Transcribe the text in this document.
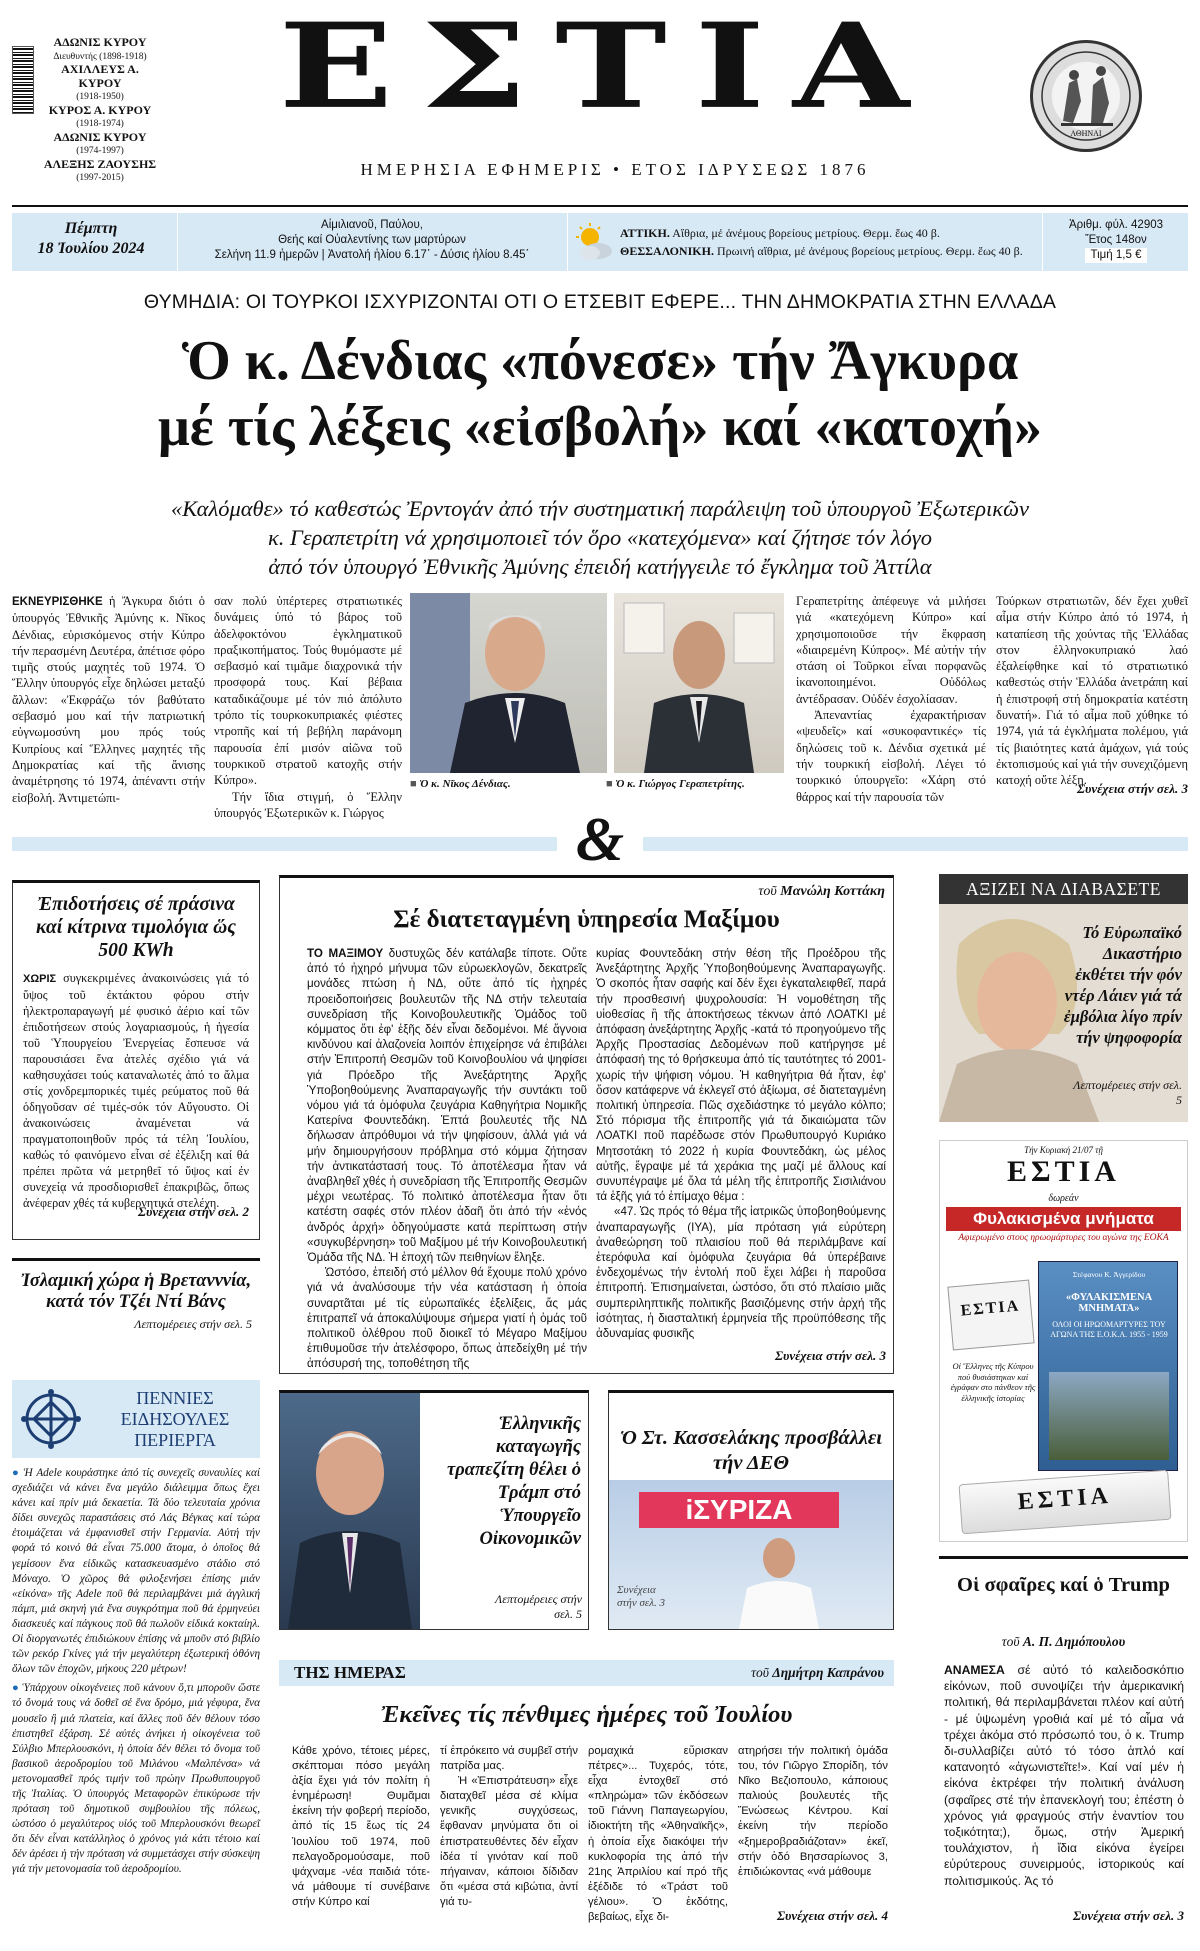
ΑΔΩΝΙΣ ΚΥΡΟΥ
Διευθυντής (1898-1918)
ΑΧΙΛΛΕΥΣ Α. ΚΥΡΟΥ
(1918-1950)
ΚΥΡΟΣ Α. ΚΥΡΟΥ
(1918-1974)
ΑΔΩΝΙΣ ΚΥΡΟΥ
(1974-1997)
ΑΛΕΞΗΣ ΖΑΟΥΣΗΣ
(1997-2015)
ΕΣΤΙΑ
ΗΜΕΡΗΣΙΑ ΕΦΗΜΕΡΙΣ • ΕΤΟΣ ΙΔΡΥΣΕΩΣ 1876
ΑΘΗΝΑΙ
Πέμπτη
18 Ἰουλίου 2024
Αἰμιλιανοῦ, Παύλου,
Θεής καί Οὐαλεντίνης των μαρτύρων
Σελήνη 11.9 ἡμερῶν | Ἀνατολή ἡλίου 6.17΄ - Δύσις ἡλίου 8.45΄
ΑΤΤΙΚΗ. Αἴθρια, μέ ἀνέμους βορείους μετρίους. Θερμ. ἕως 40 β.
ΘΕΣΣΑΛΟΝΙΚΗ. Πρωινή αἴθρια, μέ ἀνέμους βορείους μετρίους. Θερμ. ἕως 40 β.
Ἀριθμ. φύλ. 42903
Ἔτος 148ον
Τιμή 1,5 €
ΘΥΜΗΔΙΑ: ΟΙ ΤΟΥΡΚΟΙ ΙΣΧΥΡΙΖΟΝΤΑΙ ΟΤΙ Ο ΕΤΣΕΒΙΤ ΕΦΕΡΕ... ΤΗΝ ΔΗΜΟΚΡΑΤΙΑ ΣΤΗΝ ΕΛΛΑΔΑ
Ὁ κ. Δένδιας «πόνεσε» τήν Ἄγκυρα
μέ τίς λέξεις «εἰσβολή» καί «κατοχή»
«Καλόμαθε» τό καθεστώς Ἐρντογάν ἀπό τήν συστηματική παράλειψη τοῦ ὑπουργοῦ Ἐξωτερικῶν
κ. Γεραπετρίτη νά χρησιμοποιεῖ τόν ὅρο «κατεχόμενα» καί ζήτησε τόν λόγο
ἀπό τόν ὑπουργό Ἐθνικῆς Ἀμύνης ἐπειδή κατήγγειλε τό ἔγκλημα τοῦ Ἀττίλα
ΕΚΝΕΥΡΙΣΘΗΚΕ ἡ Ἄγκυρα διότι ὁ ὑπουργός Ἐθνικῆς Ἀμύνης κ. Νῖκος Δένδιας, εὑρισκόμενος στήν Κύπρο τήν περασμένη Δευτέρα, ἀπέτισε φόρο τιμῆς στούς μαχητές τοῦ 1974. Ὁ Ἕλλην ὑπουργός εἶχε δηλώσει μεταξύ ἄλλων: «Ἐκφράζω τόν βαθύτατο σεβασμό μου καί τήν πατριωτική εὐγνωμοσύνη μου πρός τούς Κυπρίους καί Ἕλληνες μαχητές τῆς Δημοκρατίας καί τῆς ἄνισης ἀναμέτρησης τό 1974, ἀπέναντι στήν εἰσβολή. Ἀντιμετώπι-
σαν πολύ ὑπέρτερες στρατιωτικές δυνάμεις ὑπό τό βάρος τοῦ ἀδελφοκτόνου ἐγκληματικοῦ πραξικοπήματος. Τούς θυμόμαστε μέ σεβασμό καί τιμᾶμε διαχρονικά τήν προσφορά τους. Καί βέβαια καταδικάζουμε μέ τόν πιό ἀπόλυτο τρόπο τίς τουρκοκυπριακές φιέστες ντροπῆς καί τή βεβήλη παράνομη παρουσία ἐπί μισόν αἰῶνα τοῦ τουρκικοῦ στρατοῦ κατοχῆς στήν Κύπρο».
Τήν ἴδια στιγμή, ὁ Ἕλλην ὑπουργός Ἐξωτερικῶν κ. Γιώργος
■ Ὁ κ. Νῖκος Δένδιας.
■	Ὁ κ. Γιώργος Γεραπετρίτης.
Γεραπετρίτης ἀπέφευγε νά μιλήσει γιά «κατεχόμενη Κύπρο» καί χρησιμοποιοῦσε τήν ἔκφραση «διαιρεμένη Κύπρος». Μέ αὐτήν τήν στάση οἱ Τοῦρκοι εἶναι πορφανῶς ἱκανοποιημένοι. Οὐδόλως ἀντέδρασαν. Οὐδέν ἐσχολίασαν.
Ἀπεναντίας ἐχαρακτήρισαν «ψευδεῖς» καί «συκοφαντικές» τίς δηλώσεις τοῦ κ. Δένδια σχετικά μέ τήν τουρκική εἰσβολή. Λέγει τό τουρκικό ὑπουργεῖο: «Χάρη στό θάρρος καί τήν παρουσία τῶν
Τούρκων στρατιωτῶν, δέν ἔχει χυθεῖ αἷμα στήν Κύπρο ἀπό τό 1974, ἡ καταπίεση τῆς χούντας τῆς Ἑλλάδας στον ἑλληνοκυπριακό λαό ἐξαλείφθηκε καί τό στρατιωτικό καθεστώς στήν Ἑλλάδα ἀνετράπη καί ἡ ἐπιστροφή στή δημοκρατία κατέστη δυνατή». Γιά τό αἷμα ποῦ χύθηκε τό 1974, γιά τά ἐγκλήματα πολέμου, γιά τίς βιαιότητες κατά ἀμάχων, γιά τούς ἐκτοπισμούς καί γιά τήν συνεχιζόμενη κατοχή οὔτε λέξη.
Συνέχεια στήν σελ. 3
&
Ἐπιδοτήσεις σέ πράσινα καί κίτρινα τιμολόγια ὥς 500 KWh
ΧΩΡΙΣ συγκεκριμένες ἀνακοινώσεις γιά τό ὕψος τοῦ ἐκτάκτου φόρου στήν ἠλεκτροπαραγωγή μέ φυσικό ἀέριο καί τῶν ἐπιδοτήσεων στούς λογαριασμούς, ἡ ἡγεσία τοῦ Ὑπουργείου Ἐνεργείας ἔσπευσε νά παρουσιάσει ἕνα ἀτελές σχέδιο γιά νά καθησυχάσει τούς καταναλωτές ἀπό το ἄλμα στίς χονδρεμπορικές τιμές ρεύματος ποῦ θά ὁδηγοῦσαν σέ τιμές-σόκ τόν Αὔγουστο. Οἱ ἀνακοινώσεις ἀναμένεται νά πραγματοποιηθοῦν πρός τά τέλη Ἰουλίου, καθώς τό φαινόμενο εἶναι σέ ἐξέλιξη καί θά πρέπει πρῶτα νά μετρηθεῖ τό ὕψος καί ἐν συνεχείᾳ νά προσδιορισθεῖ ἐπακριβῶς, ὅπως ἀνέφεραν χθές τά κυβερνητικά στελέχη.
Συνέχεια στήν σελ. 2
Ἰσλαμική χώρα ἡ Βρετανννία, κατά τόν Τζέι Ντί Βάνς
Λεπτομέρειες στήν σελ. 5
ΠΕΝΝΙΕΣ ΕΙΔΗΣΟΥΛΕΣ ΠΕΡΙΕΡΓΑ

● Ἡ Adele κουράστηκε ἀπό τίς συνεχεῖς συναυλίες καί σχεδιάζει νά κάνει ἕνα μεγάλο διάλειμμα ὅπως ἔχει κάνει καί πρίν μιά δεκαετία. Τά δύο τελευταία χρόνια δίδει συνεχῶς παραστάσεις στό Λάς Βέγκας καί τώρα ἑτοιμάζεται νά ἐμφανισθεῖ στήν Γερμανία. Αὐτή τήν φορά τό κοινό θά εἶναι 75.000 ἄτομα, ὁ ὁποῖος θά γεμίσουν ἕνα εἰδικῶς κατασκευασμένο στάδιο στό Μόναχο. Ὁ χῶρος θά φιλοξενήσει ἐπίσης μιάν «εἰκόνα» τῆς Adele ποῦ θά περιλαμβάνει μιά ἀγγλική πάμπ, μιά σκηνή γιά ἕνα συγκρότημα ποῦ θά ἐρμηνεύει διασκευές καί πάγκους ποῦ θά πωλοῦν εἰδικά κοκταίηλ. Οἱ διοργανωτές ἐπιδιώκουν ἐπίσης νά μποῦν στό βιβλίο τῶν ρεκόρ Γκίνες γιά τήν μεγαλύτερη ἐξωτερική ὀθόνη ὅλων τῶν ἐποχῶν, μήκους 220 μέτρων!

● Ὑπάρχουν οἰκογένειες ποῦ κάνουν ὅ,τι μποροῦν ὥστε τό ὄνομά τους νά δοθεῖ σέ ἕνα δρόμο, μιά γέφυρα, ἕνα μουσεῖο ἢ μιά πλατεία, καί ἄλλες ποῦ δέν θέλουν τόσο ἐπιστηθεῖ ἐξάρση. Σέ αὐτές ἀνήκει ἡ οἰκογένεια τοῦ Σύλβιο Μπερλουσκόνι, ἡ ὁποία δέν θέλει τό ὄνομα τοῦ βασικοῦ ἀεροδρομίου τοῦ Μιλάνου «Μαλπένσα» νά μετονομασθεῖ πρός τιμήν τοῦ πρώην Πρωθυπουργοῦ τῆς Ἰταλίας. Ὁ ὑπουργός Μεταφορῶν ἐπικύρωσε τήν πρόταση τοῦ δημοτικοῦ συμβουλίου τῆς πόλεως, ὡστόσο ὁ μεγαλύτερος υἱός τοῦ Μπερλουσκόνι θεωρεῖ ὅτι δέν εἶναι κατάλληλος ὁ χρόνος γιά κάτι τέτοιο καί δέν ἀρέσει ἡ τήν πρόταση νά συμμετάσχει στήν σύσκεψη γιά τήν μετονομασία τοῦ ἀεροδρομίου.

τοῦ Μανώλη Κοττάκη
Σέ διατεταγμένη ὑπηρεσία Μαξίμου
ΤΟ ΜΑΞΙΜΟΥ δυστυχῶς δέν κατάλαβε τίποτε. Οὔτε ἀπό τό ἠχηρό μήνυμα τῶν εὐρωεκλογῶν, δεκατρεῖς μονάδες πτώση ἡ ΝΔ, οὔτε ἀπό τίς ἠχηρές προειδοποιήσεις βουλευτῶν τῆς ΝΔ στήν τελευταία συνεδρίαση τῆς Κοινοβουλευτικῆς Ὁμάδος τοῦ κόμματος ὅτι ἐφ' ἑξῆς δέν εἶναι δεδομένοι. Μέ ἄγνοια κινδύνου καί ἀλαζονεία λοιπόν ἐπιχείρησε νά ἐπιβάλει στήν Ἐπιτροπή Θεσμῶν τοῦ Κοινοβουλίου νά ψηφίσει γιά Πρόεδρο τῆς Ἀνεξάρτητης Ἀρχῆς Ὑποβοηθούμενης Ἀναπαραγωγῆς τήν συντάκτι τοῦ νόμου γιά τά ὁμόφυλα ζευγάρια Καθηγήτρια Νομικῆς Κατερίνα Φουντεδάκη. Ἑπτά βουλευτές τῆς ΝΔ δήλωσαν ἀπρόθυμοι νά τήν ψηφίσουν, ἀλλά γιά νά μήν δημιουργήσουν πρόβλημα στό κόμμα ζήτησαν τήν ἀντικατάστασή τους. Τό ἀποτέλεσμα ἦταν νά ἀναβληθεῖ χθές ἡ συνεδρίαση τῆς Ἐπιτροπῆς Θεσμῶν μέχρι νεωτέρας. Τό πολιτικό ἀποτέλεσμα ἦταν ὅτι κατέστη σαφές στόν πλέον ἀδαῆ ὅτι ἀπό τήν «ἑνός ἀνδρός ἀρχή» ὁδηγούμαστε κατά περίπτωση στήν «συγκυβέρνηση» τοῦ Μαξίμου μέ τήν Κοινοβουλευτική Ὁμάδα τῆς ΝΔ. Ἡ ἐποχή τῶν πειθηνίων ἔληξε.
Ὡστόσο, ἐπειδή στό μέλλον θά ἔχουμε πολύ χρόνο γιά νά ἀναλύσουμε τήν νέα κατάσταση ἡ ὁποία συναρτᾶται μέ τίς εὐρωπαϊκές ἐξελίξεις, ἄς μάς ἐπιτραπεῖ νά ἀποκαλύψουμε σήμερα γιατί ἡ ὁμάς τοῦ πολιτικοῦ ὀλέθρου ποῦ διοικεῖ τό Μέγαρο Μαξίμου ἐπιθυμοῦσε τήν ἀτελέσφορο, ὅπως ἀπεδείχθη μέ τήν ἀπόσυρσή της, τοποθέτηση τῆς
κυρίας Φουντεδάκη στήν θέση τῆς Προέδρου τῆς Ἀνεξάρτητης Ἀρχῆς Ὑποβοηθούμενης Ἀναπαραγωγῆς. Ὁ σκοπός ἦταν σαφής καί δέν ἔχει ἐγκαταλειφθεῖ, παρά τήν προσθεσινή ψυχρολουσία: Ἡ νομοθέτηση τῆς υἱοθεσίας ἢ τῆς ἀποκτήσεως τέκνων ἀπό ΛΟΑΤΚΙ μέ ἀπόφαση ἀνεξάρτητης Ἀρχῆς -κατά τό προηγούμενο τῆς Ἀρχῆς Προστασίας Δεδομένων ποῦ κατήργησε μέ ἀπόφασή της τό θρήσκευμα ἀπό τίς ταυτότητες τό 2001- χωρίς τήν ψήφιση νόμου. Ἡ καθηγήτρια θά ἦταν, ἐφ' ὅσον κατάφερνε νά ἐκλεγεῖ στό ἀξίωμα, σέ διατεταγμένη πολιτική ὑπηρεσία. Πῶς σχεδιάστηκε τό μεγάλο κόλπο; Στό πόρισμα τῆς ἐπιτροπῆς γιά τά δικαιώματα τῶν ΛΟΑΤΚΙ ποῦ παρέδωσε στόν Πρωθυπουργό Κυριάκο Μητσοτάκη τό 2022 ἡ κυρία Φουντεδάκη, ὡς μέλος αὐτῆς, ἔγραψε μέ τά χεράκια της μαζί μέ ἄλλους καί συνυπέγραψε μέ ὅλα τά μέλη τῆς ἐπιτροπῆς Σισιλιάνου τά ἑξῆς γιά τό ἐπίμαχο θέμα :
«47. Ὡς πρός τό θέμα τῆς ἰατρικῶς ὑποβοηθούμενης ἀναπαραγωγῆς (ΙΥΑ), μία πρόταση γιά εὐρύτερη ἀναθεώρηση τοῦ πλαισίου ποῦ θά περιλάμβανε καί ἑτερόφυλα καί ὁμόφυλα ζευγάρια θά ὑπερέβαινε ἐνδεχομένως τήν ἐντολή ποῦ ἔχει λάβει ἡ παροῦσα ἐπιτροπή. Ἐπισημαίνεται, ὡστόσο, ὅτι στό πλαίσιο μιᾶς συμπεριληπτικῆς πολιτικῆς βασιζόμενης στήν ἀρχή τῆς ἰσότητας, ἡ διασταλτική ἑρμηνεία τῆς προϋπόθεσης τῆς ἀδυναμίας φυσικῆς
Συνέχεια στήν σελ. 3
ΑΞΙΖΕΙ ΝΑ ΔΙΑΒΑΣΕΤΕ
Τό Εὐρωπαϊκό Δικαστήριο ἐκθέτει τήν φόν ντέρ Λάιεν γιά τά ἐμβόλια λίγο πρίν τήν ψηφοφορία
Λεπτομέρειες στήν σελ. 5
Τήν Κυριακή 21/07 τῇ
ΕΣΤΙΑ
δωρεάν
Φυλακισμένα μνήματα
Αφιερωμένο στους ηρωομάρτυρες του αγώνα της ΕΟΚΑ
Στέφανου Κ. Ἀγγερίδου
«ΦΥΛΑΚΙΣΜΕΝΑ ΜΝΗΜΑΤΑ»
ΟΛΟΙ ΟΙ ΗΡΩΟΜΑΡΤΥΡΕΣ ΤΟΥ ΑΓΩΝΑ ΤΗΣ Ε.Ο.Κ.Α. 1955 - 1959
ΕΣΤΙΑ
Οἱ Ἕλληνες τῆς Κύπρου πού θυσιάστηκαν καί ἐγράφαν στο πάνθεον τῆς ἑλληνικῆς ἱστορίας
ΕΣΤΙΑ
Ἑλληνικῆς καταγωγῆς τραπεζίτη θέλει ὁ Τράμπ στό Ὑπουργεῖο Οἰκονομικῶν
Λεπτομέρειες στήν σελ. 5
Ὁ Στ. Κασσελάκης προσβάλλει τήν ΔΕΘ
iΣΥΡΙΖΑ
Συνέχεια στήν σελ. 3
Οἱ σφαῖρες καί ὁ Trump
τοῦ Α. Π. Δημόπουλου
ΑΝΑΜΕΣΑ σέ αὐτό τό καλειδοσκόπιο εἰκόνων, ποῦ συνοψίζει τήν ἀμερικανική πολιτική, θά περιλαμβάνεται πλέον καί αὐτή - μέ ὑψωμένη γροθιά καί μέ τό αἷμα νά τρέχει ἀκόμα στό πρόσωπό του, ὁ κ. Trump δι-συλλαβίζει αὐτό τό τόσο ἁπλό καί κατανοητό «ἀγωνιστεῖτε!». Καί ναί μέν ἡ εἰκόνα ἐκτρέφει τήν πολιτική ἀνάλυση (σφαῖρες στέ τήν ἐπανεκλογή του; ἐπέστη ὁ χρόνος γιά φραγμούς στήν ἐναντίον του τοξικότητα;), ὅμως, στήν Ἀμερική τουλάχιστον, ἡ ἴδια εἰκόνα ἐγείρει εὐρύτερους συνειρμούς, ἱστορικούς καί πολιτισμικούς. Ἀς τό
Συνέχεια στήν σελ. 3
ΤΗΣ ΗΜΕΡΑΣ	τοῦ Δημήτρη Καπράνου
Ἐκεῖνες τίς πένθιμες ἡμέρες τοῦ Ἰουλίου
Κάθε χρόνο, τέτοιες μέρες, σκέπτομαι πόσο μεγάλη ἀξία ἔχει γιά τόν πολίτη ἡ ἐνημέρωση! Θυμᾶμαι ἐκείνη τήν φοβερή περίοδο, ἀπό τίς 15 ἕως τίς 24 Ἰουλίου τοῦ 1974, ποῦ πελαγοδρομούσαμε, ποῦ ψάχναμε -νέα παιδιά τότε- νά μάθουμε τί συνέβαινε στήν Κύπρο καί
τί ἐπρόκειτο νά συμβεῖ στήν πατρίδα μας.
Ἡ «Ἐπιστράτευση» εἶχε διαταχθεῖ μέσα σέ κλίμα γενικῆς συγχύσεως, ἔφθαναν μηνύματα ὅτι οἱ ἐπιστρατευθέντες δέν εἶχαν ἰδέα τί γινόταν καί ποῦ πήγαιναν, κάποιοι δίδιδαν ὅτι «μέσα στά κιβώτια, ἀντί γιά τυ-
ρομαχικά εὕρισκαν πέτρες»... Τυχερός, τότε, εἶχα ἐντοχθεῖ στό «πληρώμα» τῶν ἐκδόσεων τοῦ Γιάννη Παπαγεωργίου, ἰδιοκτήτη τῆς «Ἀθηναϊκῆς», ἡ ὁποία εἶχε διακόψει τήν κυκλοφορία της ἀπό τήν 21ης Ἀπριλίου καί πρό τῆς ἐξέδιδε τό «Τράστ τοῦ γέλιου». Ὁ ἐκδότης, βεβαίως, εἶχε δι-
ατηρήσει τήν πολιτική ὁμάδα του, τόν Γιῶργο Σπορίδη, τόν Νῖκο Βεζιοπουλο, κάποιους παλιούς βουλευτές τῆς Ἕνώσεως Κέντρου. Καί ἐκείνη τήν περίοδο «ξημεροβραδιάζοταν» ἐκεῖ, στήν ὁδό Βησσαρίωνος 3, ἐπιδιώκοντας «νά μάθουμε
Συνέχεια στήν σελ. 4
